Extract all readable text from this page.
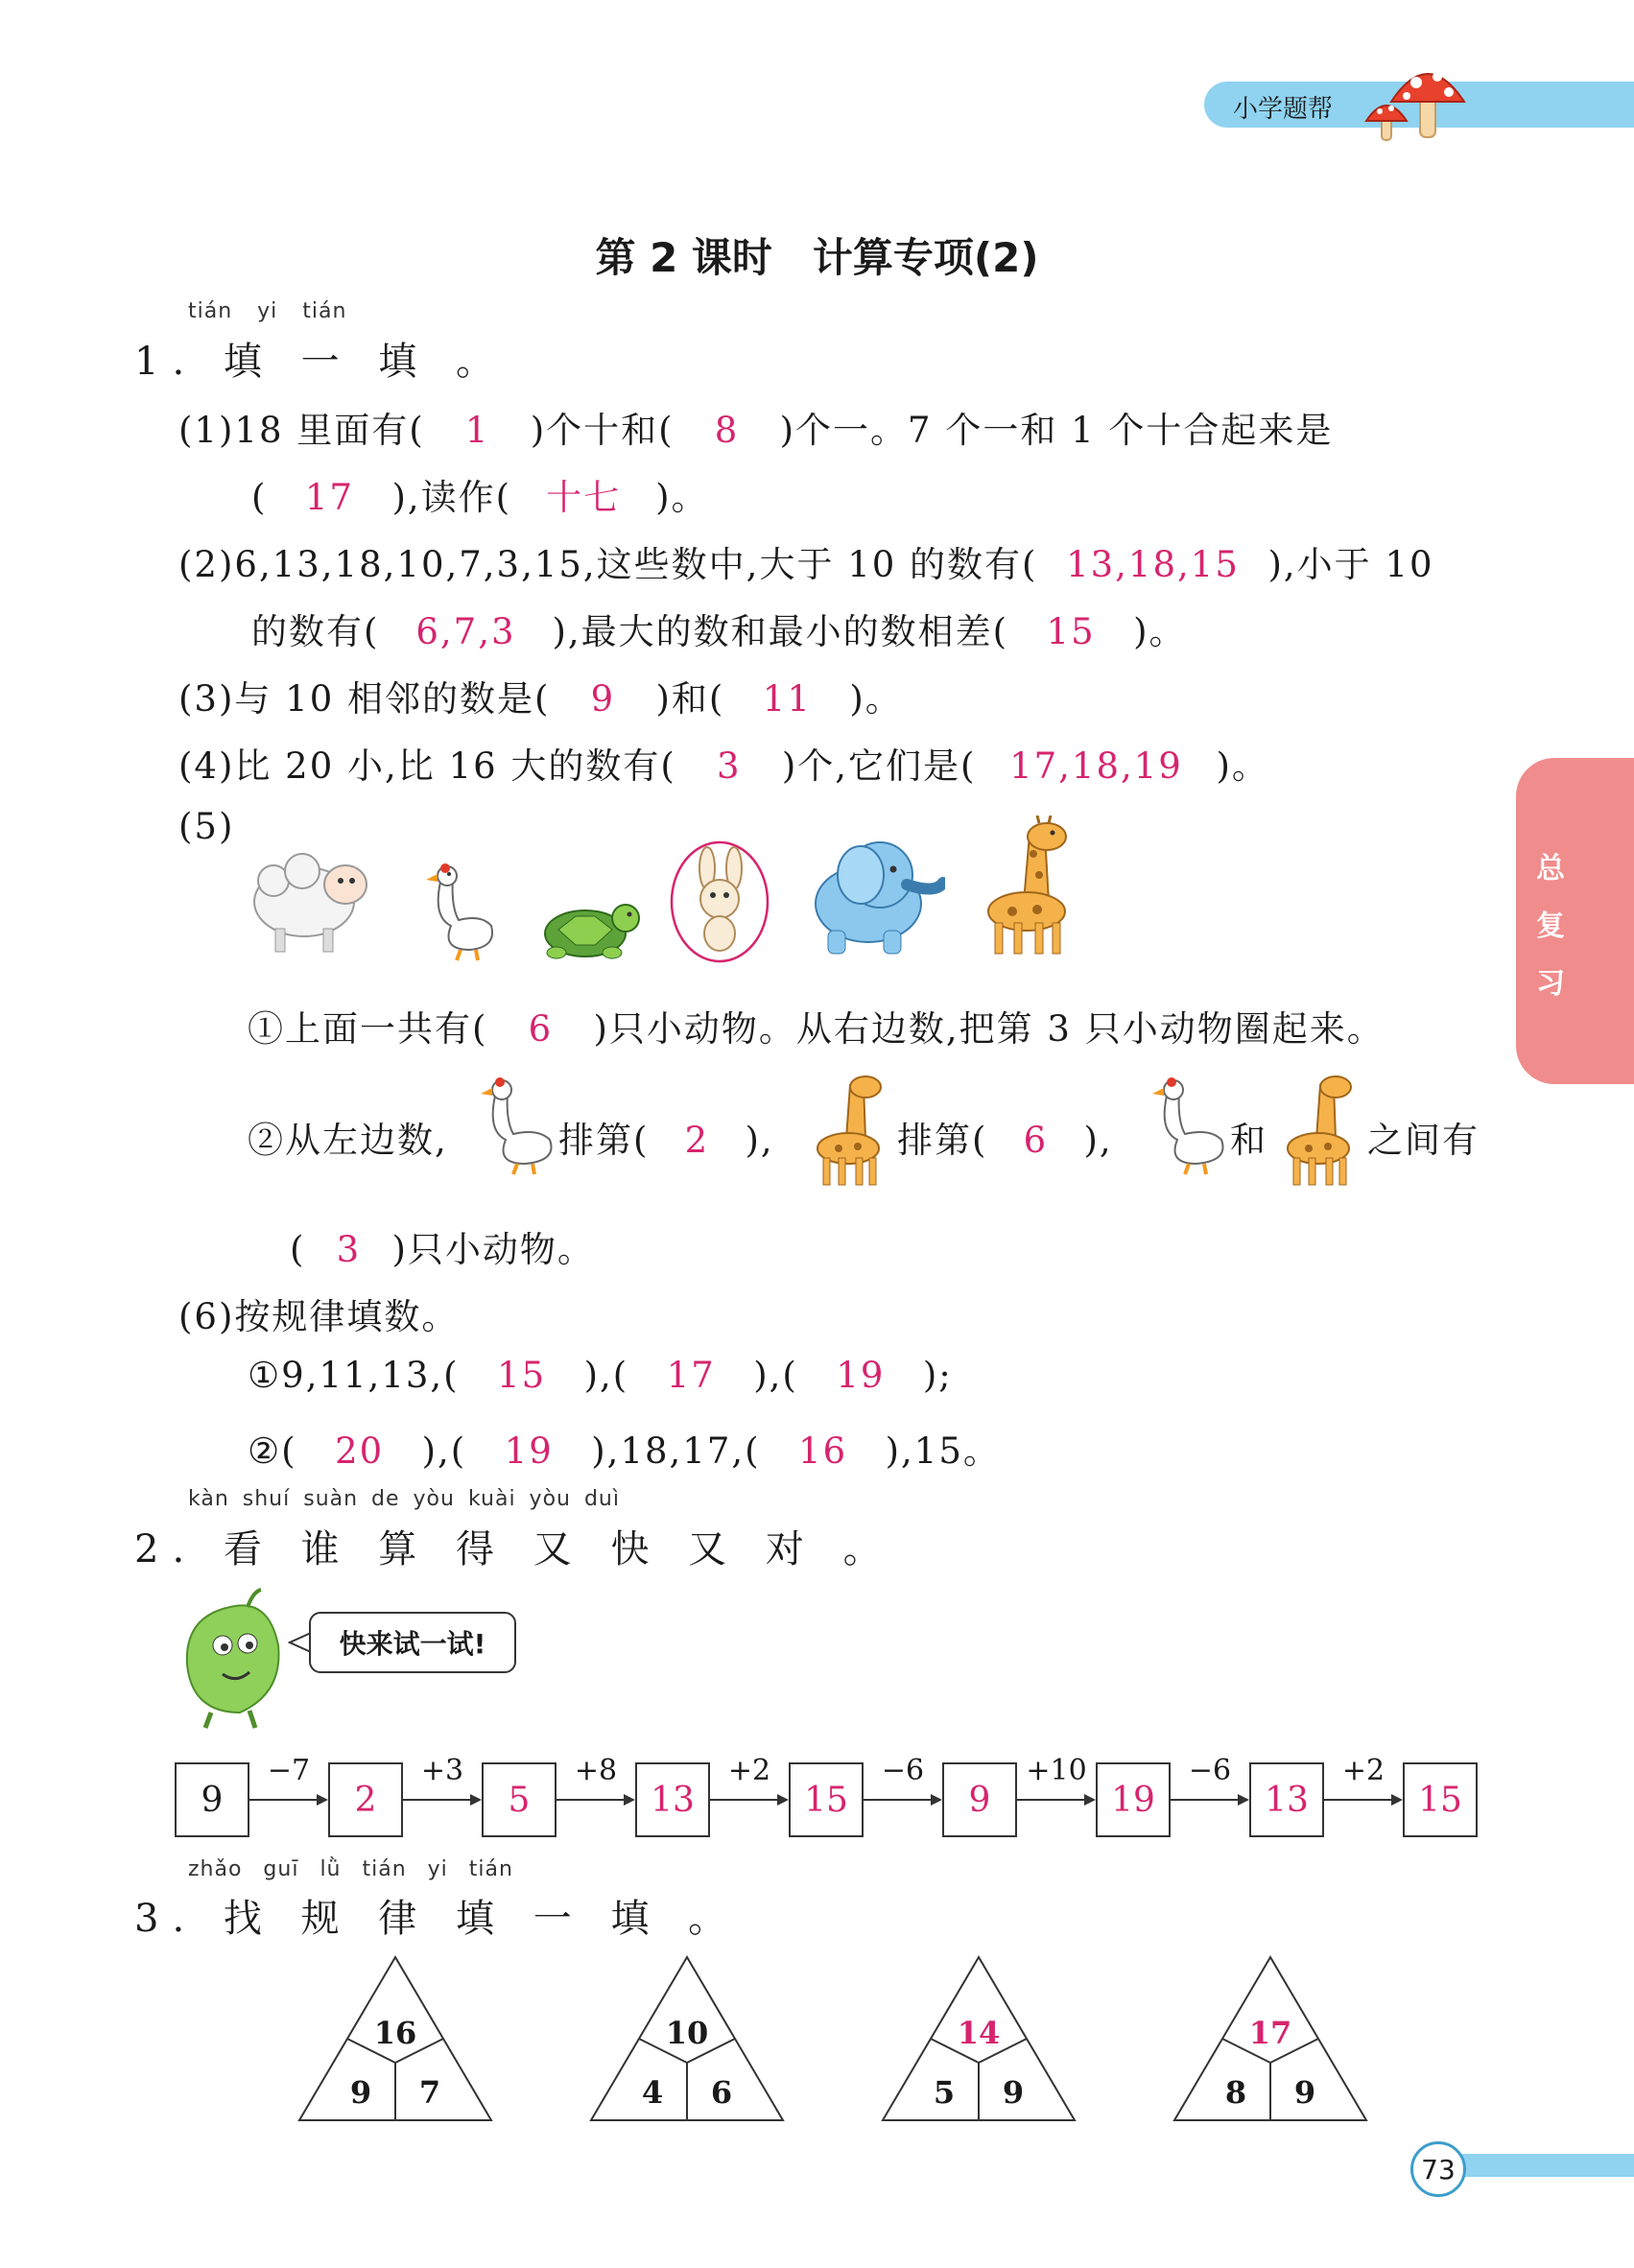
小学题帮
总
复
习
第 2 课时　计算专项(2)
tián yi tián
1. 填 一 填 。
(1)18 里面有( 1 )个十和( 8 )个一。7 个一和 1 个十合起来是
( 17 ),读作( 十七 )。
(2)6,13,18,10,7,3,15,这些数中,大于 10 的数有( 13,18,15 ),小于 10
的数有( 6,7,3 ),最大的数和最小的数相差( 15 )。
(3)与 10 相邻的数是( 9 )和( 11 )。
(4)比 20 小,比 16 大的数有( 3 )个,它们是( 17,18,19 )。
(5)
①上面一共有( 6 )只小动物。从右边数,把第 3 只小动物圈起来。
②从左边数,	排第( 2 ),	排第( 6 ),	和	之间有
( 3 )只小动物。
(6)按规律填数。
①9,11,13,( 15 ),( 17 ),( 19 );
②( 20 ),( 19 ),18,17,( 16 ),15。
kàn shuí suàn de yòu kuài yòu duì
2. 看 谁 算 得 又 快 又 对 。
快来试一试!
9	2	5	13	15	9	19	13	15
−7	+3	+8	+2	−6	+10	−6	+2
zhǎo guī lǜ tián yi tián
3. 找 规 律 填 一 填 。
16
9 7
10
4 6
14
5 9
17
8 9
73
